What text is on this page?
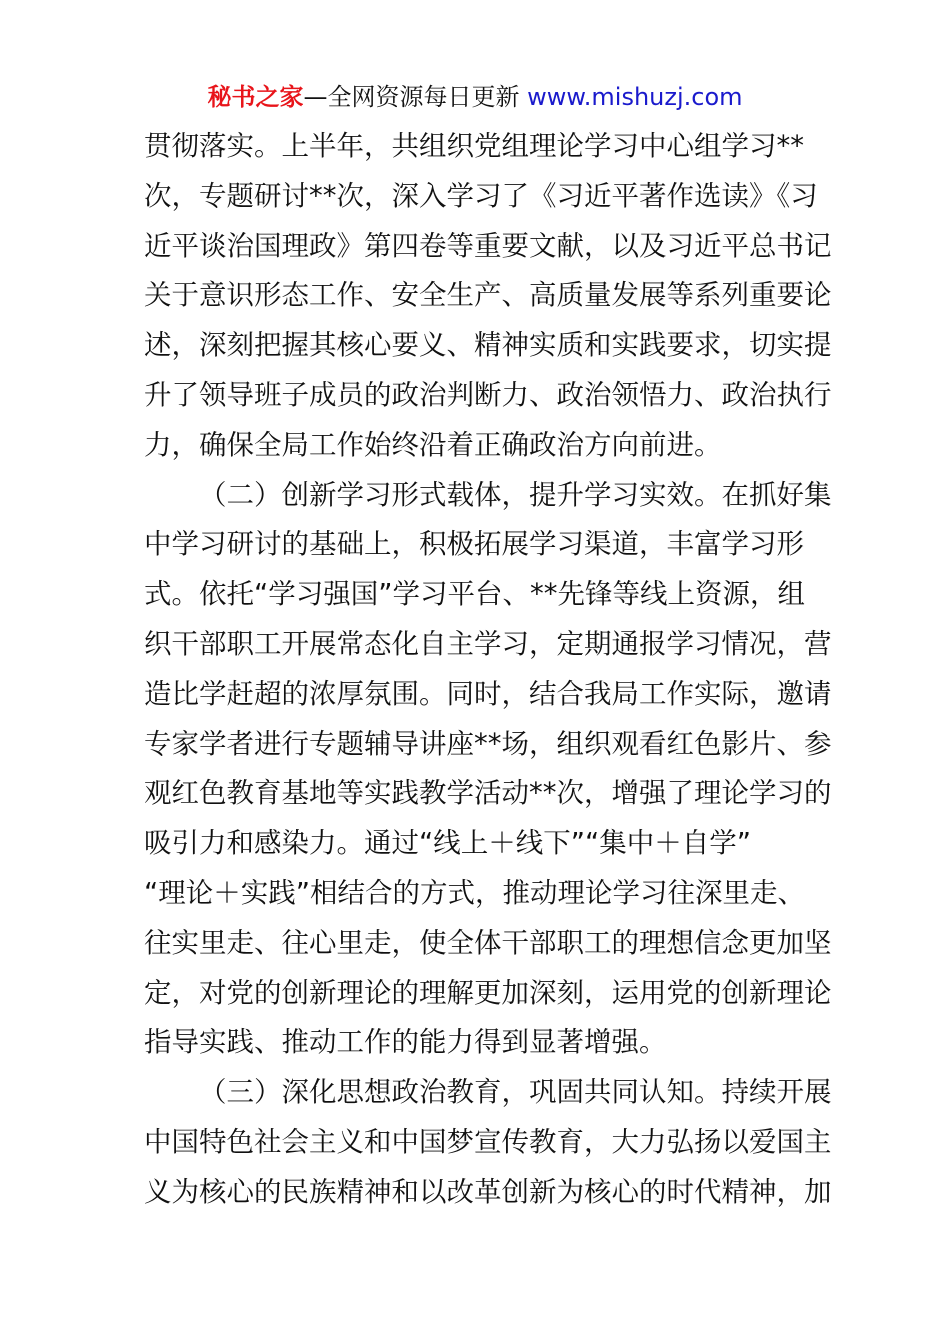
秘书之家—全网资源每日更新 www.mishuzj.com
贯彻落实。上半年，共组织党组理论学习中心组学习**
次，专题研讨**次，深入学习了《习近平著作选读》《习
近平谈治国理政》第四卷等重要文献，以及习近平总书记
关于意识形态工作、安全生产、高质量发展等系列重要论
述，深刻把握其核心要义、精神实质和实践要求，切实提
升了领导班子成员的政治判断力、政治领悟力、政治执行
力，确保全局工作始终沿着正确政治方向前进。
（二）创新学习形式载体，提升学习实效。在抓好集
中学习研讨的基础上，积极拓展学习渠道，丰富学习形
式。依托“学习强国”学习平台、**先锋等线上资源，组
织干部职工开展常态化自主学习，定期通报学习情况，营
造比学赶超的浓厚氛围。同时，结合我局工作实际，邀请
专家学者进行专题辅导讲座**场，组织观看红色影片、参
观红色教育基地等实践教学活动**次，增强了理论学习的
吸引力和感染力。通过“线上＋线下”“集中＋自学”
“理论＋实践”相结合的方式，推动理论学习往深里走、
往实里走、往心里走，使全体干部职工的理想信念更加坚
定，对党的创新理论的理解更加深刻，运用党的创新理论
指导实践、推动工作的能力得到显著增强。
（三）深化思想政治教育，巩固共同认知。持续开展
中国特色社会主义和中国梦宣传教育，大力弘扬以爱国主
义为核心的民族精神和以改革创新为核心的时代精神，加
